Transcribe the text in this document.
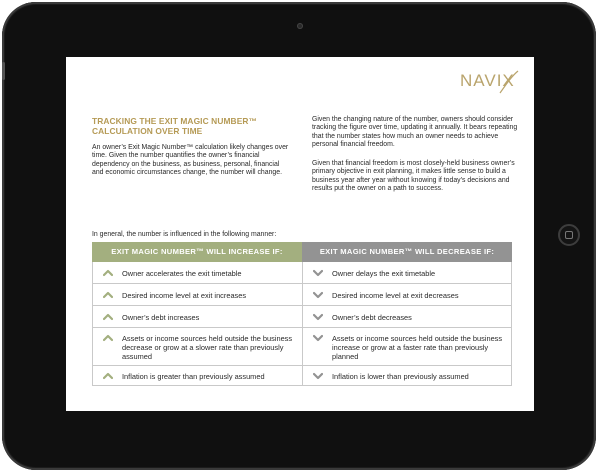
NAVIX
TRACKING THE EXIT MAGIC NUMBER™
CALCULATION OVER TIME
An owner’s Exit Magic Number™ calculation likely changes over time. Given the number quantifies the owner’s financial dependency on the business, as business, personal, financial and economic circumstances change, the number will change.
Given the changing nature of the number, owners should consider tracking the figure over time, updating it annually. It bears repeating that the number states how much an owner needs to achieve personal financial freedom.
Given that financial freedom is most closely-held business owner’s primary objective in exit planning, it makes little sense to build a business year after year without knowing if today’s decisions and results put the owner on a path to success.
In general, the number is influenced in the following manner:
EXIT MAGIC NUMBER™ WILL INCREASE IF:
Owner accelerates the exit timetable
Desired income level at exit increases
Owner’s debt increases
Assets or income sources held outside the business decrease or grow at a slower rate than previously assumed
Inflation is greater than previously assumed
EXIT MAGIC NUMBER™ WILL DECREASE IF:
Owner delays the exit timetable
Desired income level at exit decreases
Owner’s debt decreases
Assets or income sources held outside the business increase or grow at a faster rate than previously planned
Inflation is lower than previously assumed
